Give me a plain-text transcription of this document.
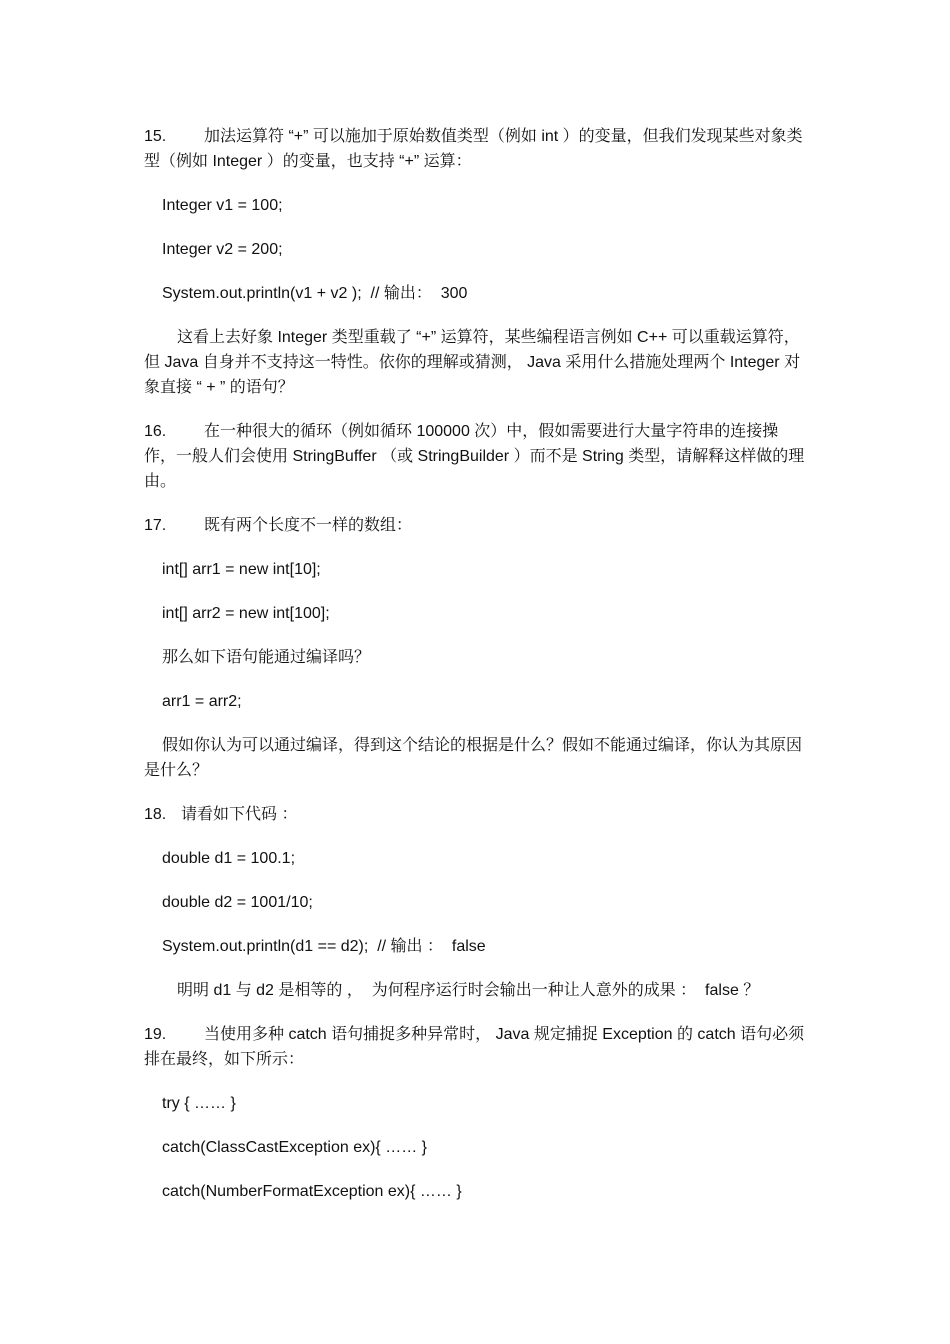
15. 加法运算符 “+” 可以施加于原始数值类型（例如 int ）的变量，但我们发现某些对象类型（例如 Integer ）的变量，也支持 “+” 运算：
Integer v1 = 100;
Integer v2 = 200;
System.out.println(v1 + v2 );  // 输出：  300
这看上去好象 Integer 类型重载了 “+” 运算符，某些编程语言例如 C++ 可以重载运算符，但 Java 自身并不支持这一特性。依你的理解或猜测， Java 采用什么措施处理两个 Integer 对象直接 “ + ” 的语句？
16. 在一种很大的循环（例如循环 100000 次）中，假如需要进行大量字符串的连接操作，一般人们会使用 StringBuffer （或 StringBuilder ）而不是 String 类型，请解释这样做的理由。
17. 既有两个长度不一样的数组：
int[] arr1 = new int[10];
int[] arr2 = new int[100];
那么如下语句能通过编译吗？
arr1 = arr2;
假如你认为可以通过编译，得到这个结论的根据是什么？假如不能通过编译，你认为其原因是什么？
18. 请看如下代码 ：
double d1 = 100.1;
double d2 = 1001/10;
System.out.println(d1 == d2);  // 输出 ：  false
明明 d1 与 d2 是相等的 ，  为何程序运行时会输出一种让人意外的成果 ：  false ？
19. 当使用多种 catch 语句捕捉多种异常时， Java 规定捕捉 Exception 的 catch 语句必须排在最终，如下所示：
try { …… }
catch(ClassCastException ex){ …… }
catch(NumberFormatException ex){ …… }
